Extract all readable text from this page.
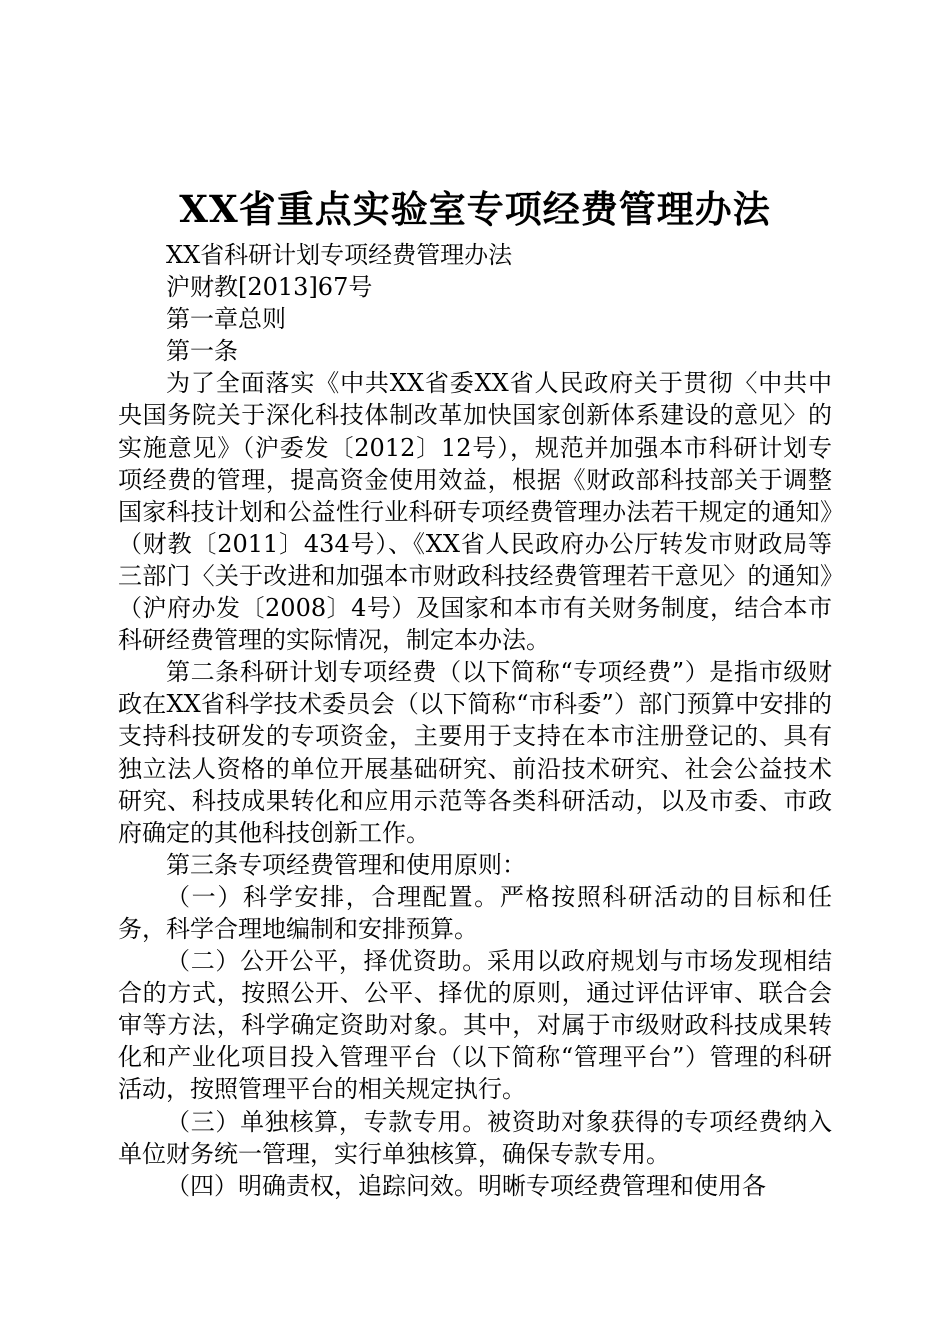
XX省重点实验室专项经费管理办法

XX省科研计划专项经费管理办法

沪财教[2013]67号

第一章总则

第一条

为了全面落实《中共XX省委XX省人民政府关于贯彻〈中共中央国务院关于深化科技体制改革加快国家创新体系建设的意见〉的实施意见》（沪委发〔2012〕12号），规范并加强本市科研计划专项经费的管理，提高资金使用效益，根据《财政部科技部关于调整国家科技计划和公益性行业科研专项经费管理办法若干规定的通知》（财教〔2011〕434号）、《XX省人民政府办公厅转发市财政局等三部门〈关于改进和加强本市财政科技经费管理若干意见〉的通知》（沪府办发〔2008〕4号）及国家和本市有关财务制度，结合本市科研经费管理的实际情况，制定本办法。

第二条科研计划专项经费（以下简称“专项经费”）是指市级财政在XX省科学技术委员会（以下简称“市科委”）部门预算中安排的支持科技研发的专项资金，主要用于支持在本市注册登记的、具有独立法人资格的单位开展基础研究、前沿技术研究、社会公益技术研究、科技成果转化和应用示范等各类科研活动，以及市委、市政府确定的其他科技创新工作。

第三条专项经费管理和使用原则：

（一）科学安排，合理配置。严格按照科研活动的目标和任务，科学合理地编制和安排预算。

（二）公开公平，择优资助。采用以政府规划与市场发现相结合的方式，按照公开、公平、择优的原则，通过评估评审、联合会审等方法，科学确定资助对象。其中，对属于市级财政科技成果转化和产业化项目投入管理平台（以下简称“管理平台”）管理的科研活动，按照管理平台的相关规定执行。

（三）单独核算，专款专用。被资助对象获得的专项经费纳入单位财务统一管理，实行单独核算，确保专款专用。

（四）明确责权，追踪问效。明晰专项经费管理和使用各
